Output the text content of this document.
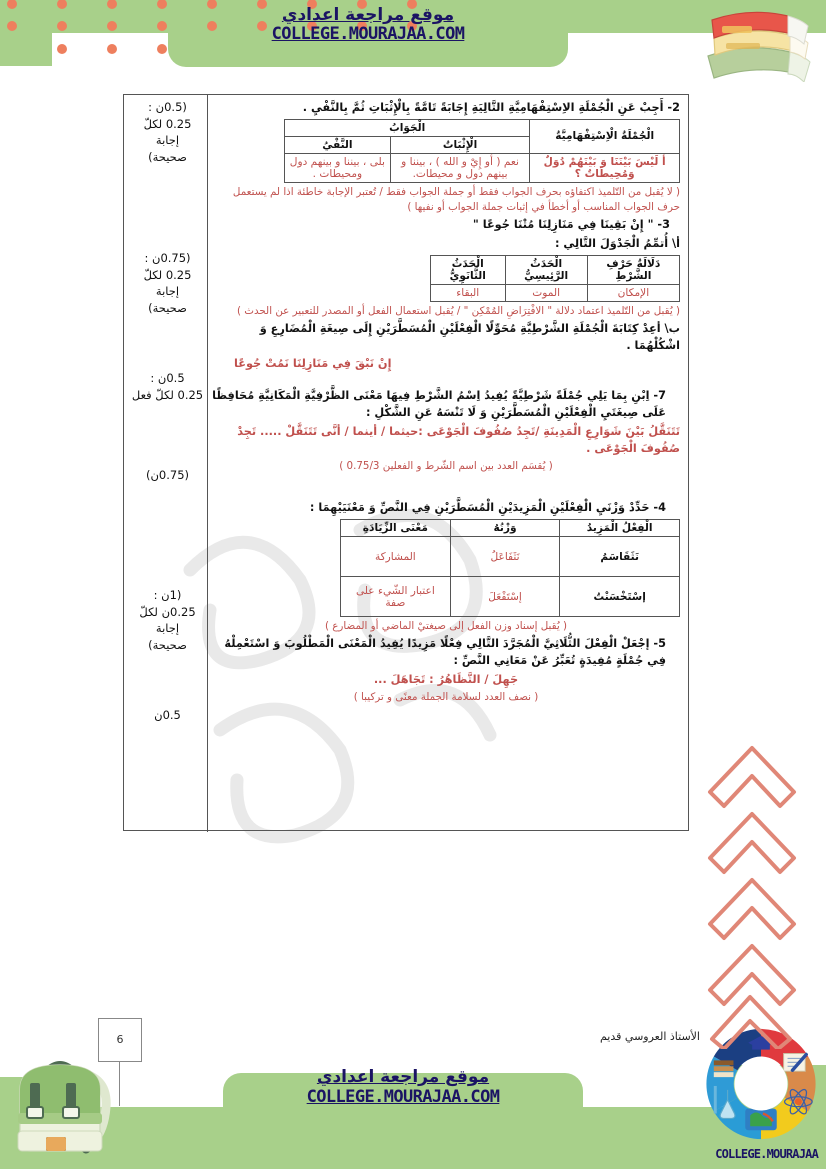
موقع مراجعة اعدادي
COLLEGE.MOURAJAA.COM
(0.5ن :
0.25 لكلّ
إجابة
صحيحة)
(0.75ن :
0.25 لكلّ
إجابة
صحيحة)
0.5ن :
0.25 لكلّ فعل
(0.75ن)
(1ن :
0.25ن لكلّ
إجابة
صحيحة)
0.5ن
2- أَجِبْ عَنِ الْجُمْلَةِ الاِسْتِفْهَامِيَّةِ التَّالِيَةِ إِجَابَةً تَامَّةً بِالْإِثْبَاتِ ثُمَّ بِالنَّفْيِ .
الْجُمْلَةُ الْاِسْتِفْهَامِيَّةُ	الْجَوَابُ	
	الْإِثْبَاتُ	النَّفْيُ
أ لَيْسَ بَيْنَنَا وَ بَيْنَهُمْ دُوَلٌ وَمُحِيطَاتٌ ؟	نعم ( أو إِيْ و الله ) ، بيننا و بينهم دول و محيطات.	بلى ، بيننا و بينهم دول ومحيطات .
( لا يُقبل من التّلميذ اكتفاؤه بحرف الجواب فقط أو جملة الجواب فقط / تُعتبر الإجابة خاطئة اذا لم يستعمل حرف الجواب المناسب أو أخطأ في إثبات جملة الجواب أو نفيها )
3- " إِنْ بَقِينَا فِي مَنَازِلِنَا مُتْنَا جُوعًا "
أ\ أُتمِّمُ الْجَدْوَلَ التَّالِي :
دَلَالَةُ حَرْفِ الشَّرْطِ	الْحَدَثُ الرَّئِيسِيُّ	الْحَدَثُ الثَّانَوِيُّ
الإمكان	الموت	البقاء
( يُقبل من التّلميذ اعتماد دلالة " الافْتِرَاضِ المُمْكِن " / يُقبل استعمال الفعل أو المصدر للتعبير عن الحدث )
ب\ أعِدْ كِتَابَةَ الْجُمْلَةِ الشَّرْطِيَّةِ مُحَوِّلًا الْفِعْلَيْنِ الْمُسَطَّرَيْنِ إِلَى صِيغَةِ الْمُضَارِعِ وَ اشْكُلْهُمَا .
إِنْ نَبْقَ فِي مَنَازِلِنَا نَمُتْ جُوعًا
7- اِبْنِ بِمَا يَلِي جُمْلَةً شَرْطِيَّةً يُفِيدُ اِسْمُ الشَّرْطِ فِيهَا مَعْنَى الظَّرْفِيَّةِ الْمَكَانِيَّةِ مُحَافِظًا عَلَى صِيغَتَيِ الْفِعْلَيْنِ الْمُسَطَّرَيْنِ وَ لَا تَنْسَهُ عَنِ الشَّكْلِ :
تَتَنَقَّلُ بَيْنَ شَوَارِعِ الْمَدِينَةِ /تَجِدُ صُفُوفَ الْجَوْعَى :حيثما / أينما / أنَّى تَتَنَقَّلْ ..... تَجِدْ صُفُوفَ الْجَوْعَى .
( يُقسَم العدد بين اسم الشّرط و الفعلين 0.75/3 )
4- حَدِّدْ وَزْنَيِ الْفِعْلَيْنِ الْمَزِيدَيْنِ الْمُسَطَّرَيْنِ فِي النَّصِّ وَ مَعْنَيَيْهِمَا :
الْفِعْلُ الْمَزِيدُ	وَزْنُهُ	مَعْنَى الزِّيَادَةِ
نَثَقَاسَمُ	نَثَفَاعَلُ	المشاركة
إسْتَخْسَنْتُ	إسْتَفْعَلَ	اعتبار الشّيء على صفة
( يُقبل إسناد وزن الفعل إلى صيغتيْ الماضي أو المضارع )
5- إجْعَلْ الْفِعْلَ الثُّلَاثِيَّ الْمُجَرَّدَ التَّالِي فِعْلًا مَزِيدًا يُفِيدُ الْمَعْنَى الْمَطْلُوبَ وَ اسْتَعْمِلْهُ فِي جُمْلَةٍ مُفِيدَةٍ تُعَبِّرُ عَنْ مَعَانِي النَّصِّ :
جَهِلَ / التَّظَاهُرُ : تَجَاهَلَ ...
( نصف العدد لسلامة الجملة معنًى و تركيبا )
6	الأستاذ العروسي قديم
موقع مراجعة اعدادي
COLLEGE.MOURAJAA.COM
COLLEGE.MOURAJAA
